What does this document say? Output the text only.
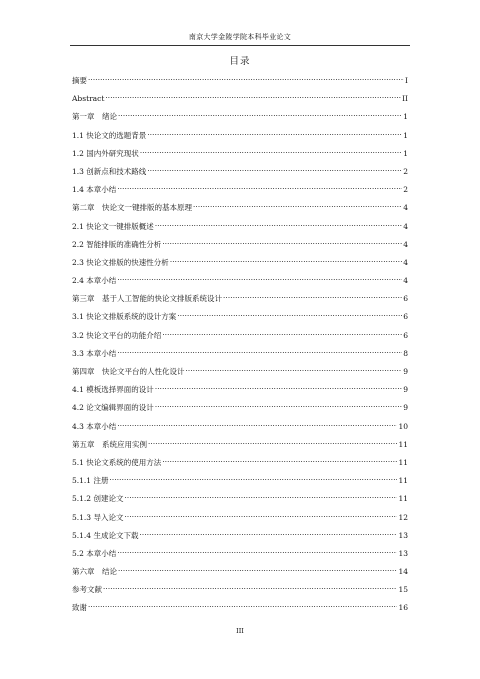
南京大学金陵学院本科毕业论文
目录
摘要 .....	I
Abstract .....	II
第一章　绪论 .....	1
1.1 快论文的选题背景 .....	1
1.2 国内外研究现状 .....	1
1.3 创新点和技术路线 .....	2
1.4 本章小结 .....	2
第二章　快论文一键排版的基本原理 .....	4
2.1 快论文一键排版概述 .....	4
2.2 智能排版的准确性分析 .....	4
2.3 快论文排版的快速性分析 .....	4
2.4 本章小结 .....	4
第三章　基于人工智能的快论文排版系统设计 .....	6
3.1 快论文排版系统的设计方案 .....	6
3.2 快论文平台的功能介绍 .....	6
3.3 本章小结 .....	8
第四章　快论文平台的人性化设计 .....	9
4.1 模板选择界面的设计 .....	9
4.2 论文编辑界面的设计 .....	9
4.3 本章小结 .....	10
第五章　系统应用实例 .....	11
5.1 快论文系统的使用方法 .....	11
5.1.1 注册 .....	11
5.1.2 创建论文 .....	11
5.1.3 导入论文 .....	12
5.1.4 生成论文下载 .....	13
5.2 本章小结 .....	13
第六章　结论 .....	14
参考文献 .....	15
致谢 .....	16
III
